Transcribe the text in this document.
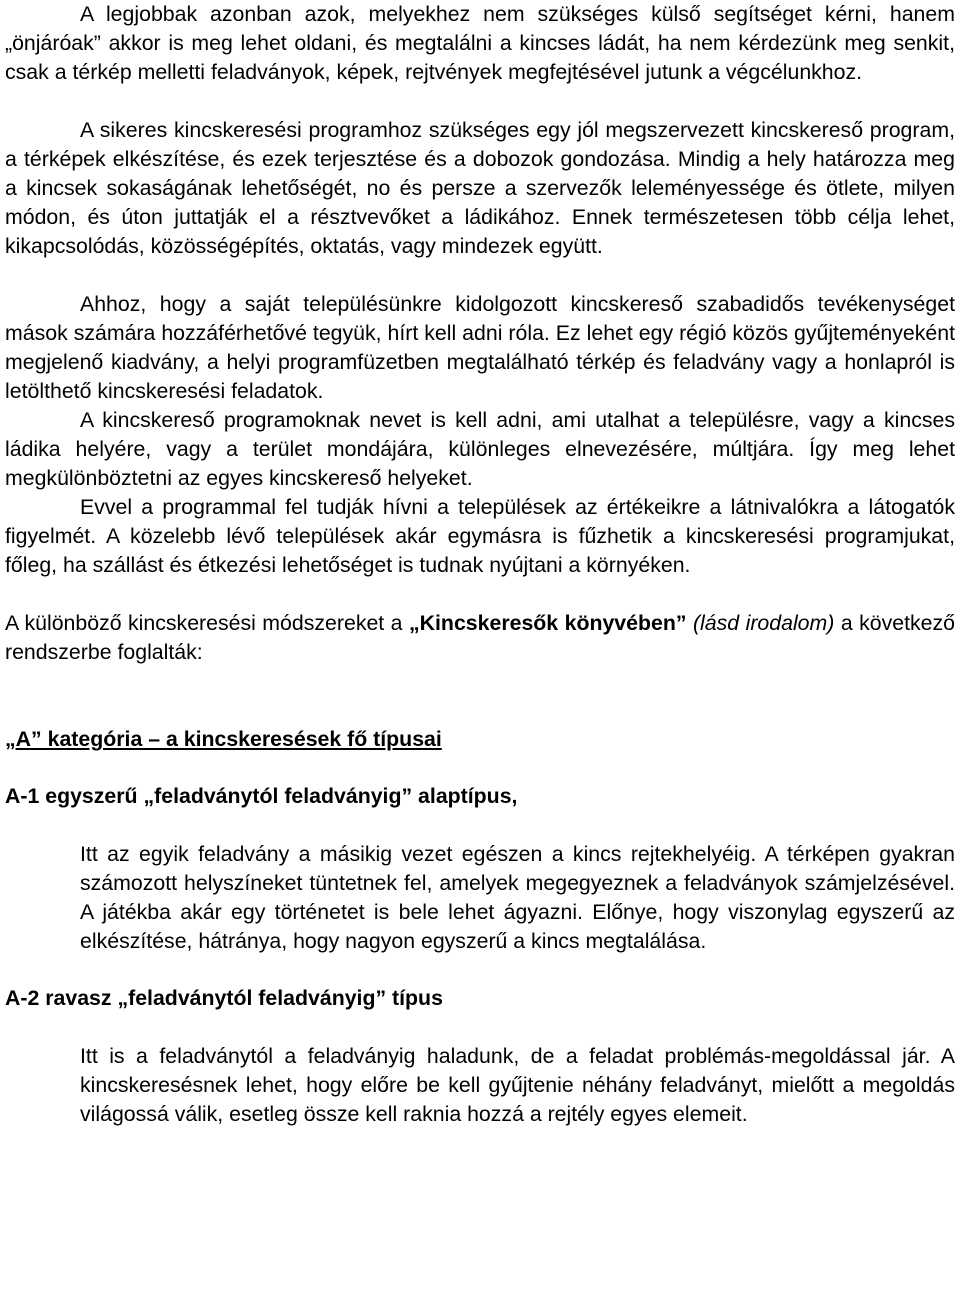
A legjobbak azonban azok, melyekhez nem szükséges külső segítséget kérni, hanem „önjáróak” akkor is meg lehet oldani, és megtalálni a kincses ládát, ha nem kérdezünk meg senkit, csak a térkép melletti feladványok, képek, rejtvények megfejtésével jutunk a végcélunkhoz.

A sikeres kincskeresési programhoz szükséges egy jól megszervezett kincskereső program, a térképek elkészítése, és ezek terjesztése és a dobozok gondozása. Mindig a hely határozza meg a kincsek sokaságának lehetőségét, no és persze a szervezők leleményessége és ötlete, milyen módon, és úton juttatják el a résztvevőket a ládikához. Ennek természetesen több célja lehet, kikapcsolódás, közösségépítés, oktatás, vagy mindezek együtt.

Ahhoz, hogy a saját településünkre kidolgozott kincskereső szabadidős tevékenységet mások számára hozzáférhetővé tegyük, hírt kell adni róla. Ez lehet egy régió közös gyűjteményeként megjelenő kiadvány, a helyi programfüzetben megtalálható térkép és feladvány vagy a honlapról is letölthető kincskeresési feladatok.

A kincskereső programoknak nevet is kell adni, ami utalhat a településre, vagy a kincses ládika helyére, vagy a terület mondájára, különleges elnevezésére, múltjára. Így meg lehet megkülönböztetni az egyes kincskereső helyeket.

Evvel a programmal fel tudják hívni a települések az értékeikre a látnivalókra a látogatók figyelmét. A közelebb lévő települések akár egymásra is fűzhetik a kincskeresési programjukat, főleg, ha szállást és étkezési lehetőséget is tudnak nyújtani a környéken.

A különböző kincskeresési módszereket a „Kincskeresők könyvében” (lásd irodalom) a következő rendszerbe foglalták:

„A” kategória – a kincskeresések fő típusai

A-1 egyszerű „feladványtól feladványig” alaptípus,

Itt az egyik feladvány a másikig vezet egészen a kincs rejtekhelyéig. A térképen gyakran számozott helyszíneket tüntetnek fel, amelyek megegyeznek a feladványok számjelzésével. A játékba akár egy történetet is bele lehet ágyazni. Előnye, hogy viszonylag egyszerű az elkészítése, hátránya, hogy nagyon egyszerű a kincs megtalálása.

A-2 ravasz „feladványtól feladványig” típus

Itt is a feladványtól a feladványig haladunk, de a feladat problémás-megoldással jár. A kincskeresésnek lehet, hogy előre be kell gyűjtenie néhány feladványt, mielőtt a megoldás világossá válik, esetleg össze kell raknia hozzá a rejtély egyes elemeit.
